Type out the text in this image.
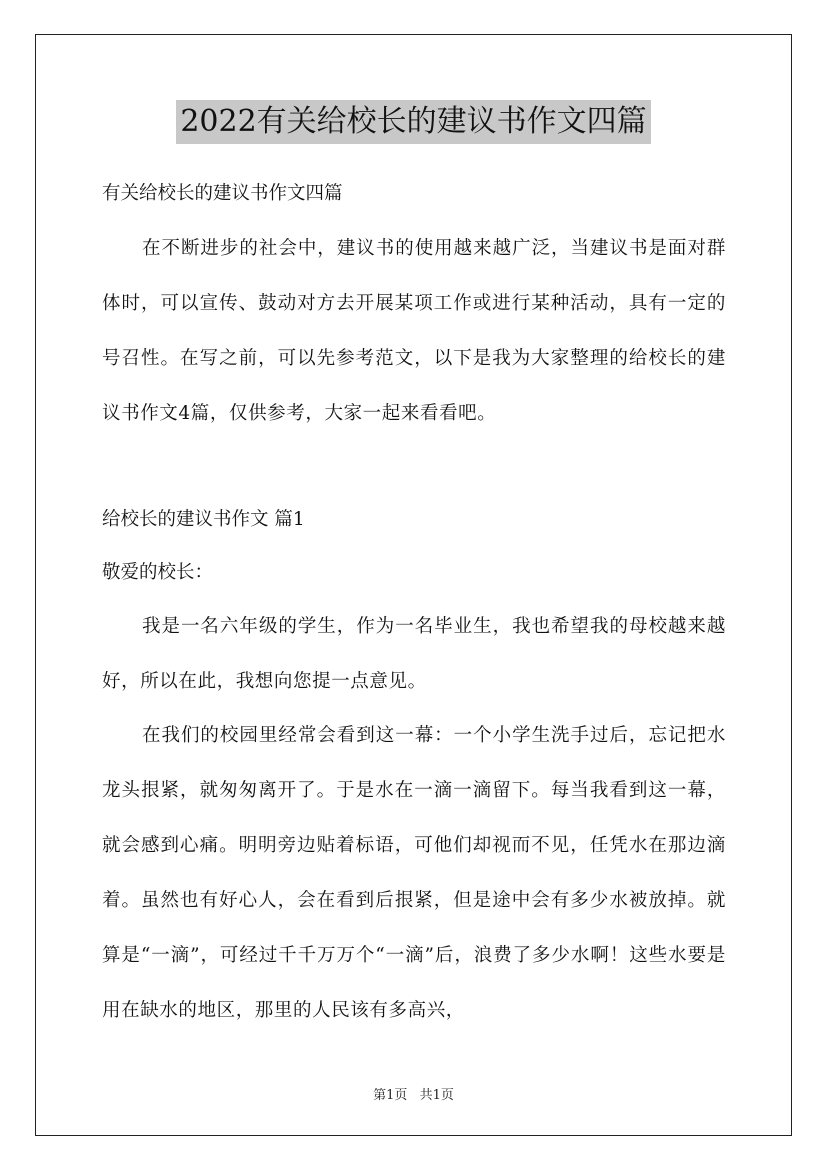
2022有关给校长的建议书作文四篇
有关给校长的建议书作文四篇

在不断进步的社会中，建议书的使用越来越广泛，当建议书是面对群体时，可以宣传、鼓动对方去开展某项工作或进行某种活动，具有一定的号召性。在写之前，可以先参考范文，以下是我为大家整理的给校长的建议书作文4篇，仅供参考，大家一起来看看吧。

给校长的建议书作文 篇1
敬爱的校长：

我是一名六年级的学生，作为一名毕业生，我也希望我的母校越来越好，所以在此，我想向您提一点意见。

在我们的校园里经常会看到这一幕：一个小学生洗手过后，忘记把水龙头拫紧，就匆匆离开了。于是水在一滴一滴留下。每当我看到这一幕，就会感到心痛。明明旁边贴着标语，可他们却视而不见，任凭水在那边滴着。虽然也有好心人，会在看到后拫紧，但是途中会有多少水被放掉。就算是“一滴”，可经过千千万万个“一滴”后，浪费了多少水啊！这些水要是用在缺水的地区，那里的人民该有多高兴，

第1页 共1页
